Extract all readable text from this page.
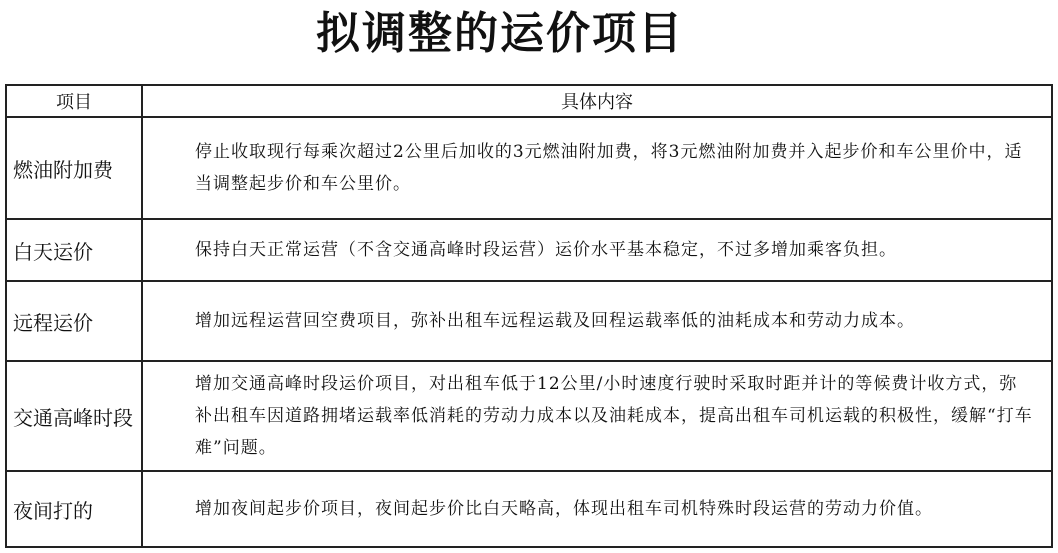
拟调整的运价项目
项目	具体内容
燃油附加费	停止收取现行每乘次超过2公里后加收的3元燃油附加费，将3元燃油附加费并入起步价和车公里价中，适当调整起步价和车公里价。
白天运价	保持白天正常运营（不含交通高峰时段运营）运价水平基本稳定，不过多增加乘客负担。
远程运价	增加远程运营回空费项目，弥补出租车远程运载及回程运载率低的油耗成本和劳动力成本。
交通高峰时段	增加交通高峰时段运价项目，对出租车低于12公里/小时速度行驶时采取时距并计的等候费计收方式，弥补出租车因道路拥堵运载率低消耗的劳动力成本以及油耗成本，提高出租车司机运载的积极性，缓解“打车难”问题。
夜间打的	增加夜间起步价项目，夜间起步价比白天略高，体现出租车司机特殊时段运营的劳动力价值。
